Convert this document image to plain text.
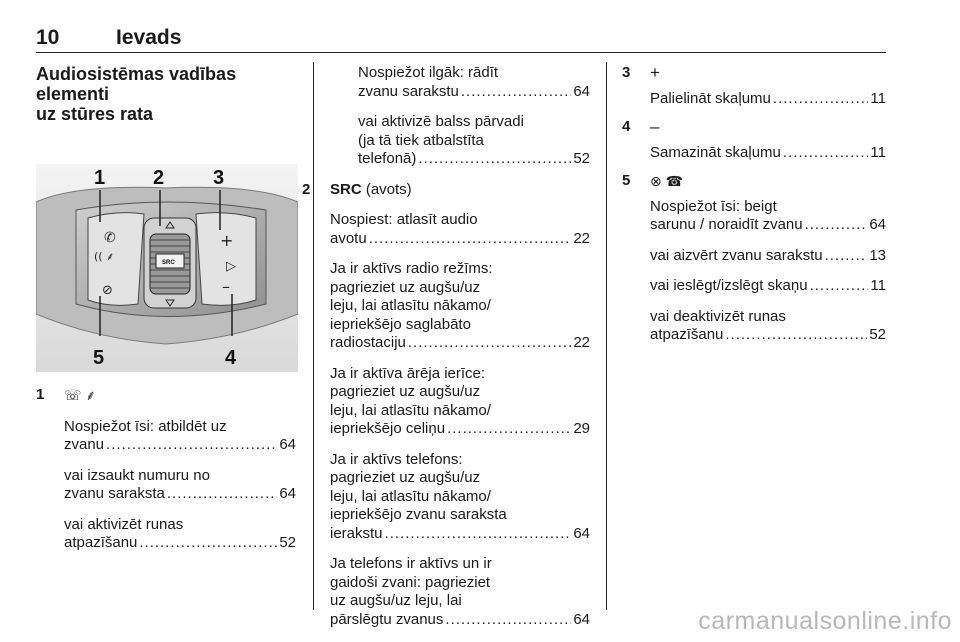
10	Ievads
Audiosistēmas vadības elementi
uz stūres rata
✆
(( ⸙
⊘
+
▷
–
1 2 3
4
5
SRC
1 ☏ ⸙
Nospiežot īsi: atbildēt uz
zvanu .....	64
vai izsaukt numuru no
zvanu saraksta .....	64
vai aktivizēt runas
atpazīšanu .....	52
Nospiežot ilgāk: rādīt
zvanu sarakstu .....	64
vai aktivizē balss pārvadi
(ja tā tiek atbalstīta
telefonā) .....	52
2 SRC (avots)
Nospiest: atlasīt audio
avotu .....	22
Ja ir aktīvs radio režīms:
pagrieziet uz augšu/uz
leju, lai atlasītu nākamo/
iepriekšējo saglabāto
radiostaciju .....	22
Ja ir aktīva ārēja ierīce:
pagrieziet uz augšu/uz
leju, lai atlasītu nākamo/
iepriekšējo celiņu .....	29
Ja ir aktīvs telefons:
pagrieziet uz augšu/uz
leju, lai atlasītu nākamo/
iepriekšējo zvanu saraksta
ierakstu .....	64
Ja telefons ir aktīvs un ir
gaidoši zvani: pagrieziet
uz augšu/uz leju, lai
pārslēgtu zvanus .....	64
3 +
Palielināt skaļumu .....	11
4 –
Samazināt skaļumu .....	11
5 ⊗ ☎
Nospiežot īsi: beigt
sarunu / noraidīt zvanu .....	64
vai aizvērt zvanu sarakstu .....	13
vai ieslēgt/izslēgt skaņu .....	11
vai deaktivizēt runas
atpazīšanu .....	52
carmanualsonline.info
